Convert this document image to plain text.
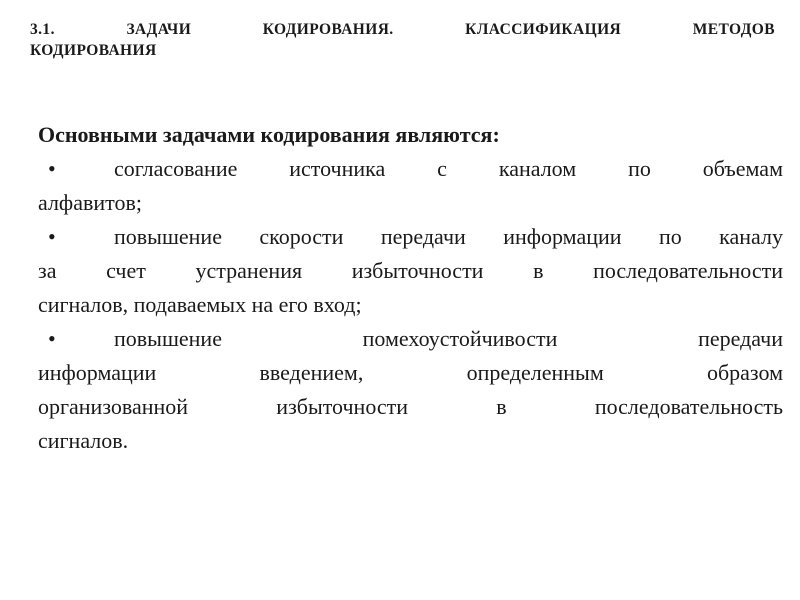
3.1. ЗАДАЧИ КОДИРОВАНИЯ. КЛАССИФИКАЦИЯ МЕТОДОВ
КОДИРОВАНИЯ
Основными задачами кодирования являются:
•	согласование источника с каналом по объемам
алфавитов;
•	повышение скорости передачи информации по каналу
за счет устранения избыточности в последовательности
сигналов, подаваемых на его вход;
•	повышение помехоустойчивости передачи
информации введением, определенным образом
организованной избыточности в последовательность
сигналов.
